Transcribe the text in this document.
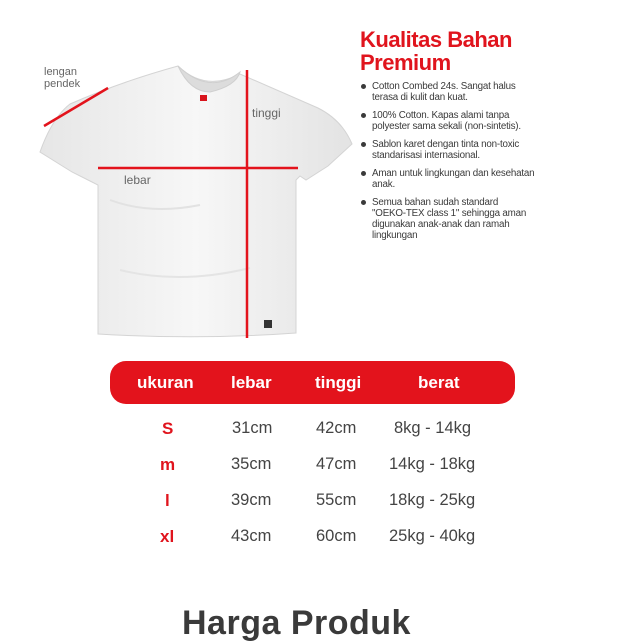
lengan
pendek
tinggi
lebar
Kualitas Bahan
Premium
Cotton Combed 24s. Sangat halus
terasa di kulit dan kuat.
100% Cotton. Kapas alami tanpa
polyester sama sekali (non-sintetis).
Sablon karet dengan tinta non-toxic
standarisasi internasional.
Aman untuk lingkungan dan kesehatan
anak.
Semua bahan sudah standard
"OEKO-TEX class 1" sehingga aman
digunakan anak-anak dan ramah
lingkungan
ukuran lebar	tinggi	berat
S	31cm	42cm 8kg - 14kg
m	35cm	47cm 14kg - 18kg
l	39cm	55cm 18kg - 25kg
xl	43cm	60cm 25kg - 40kg
Harga Produk
